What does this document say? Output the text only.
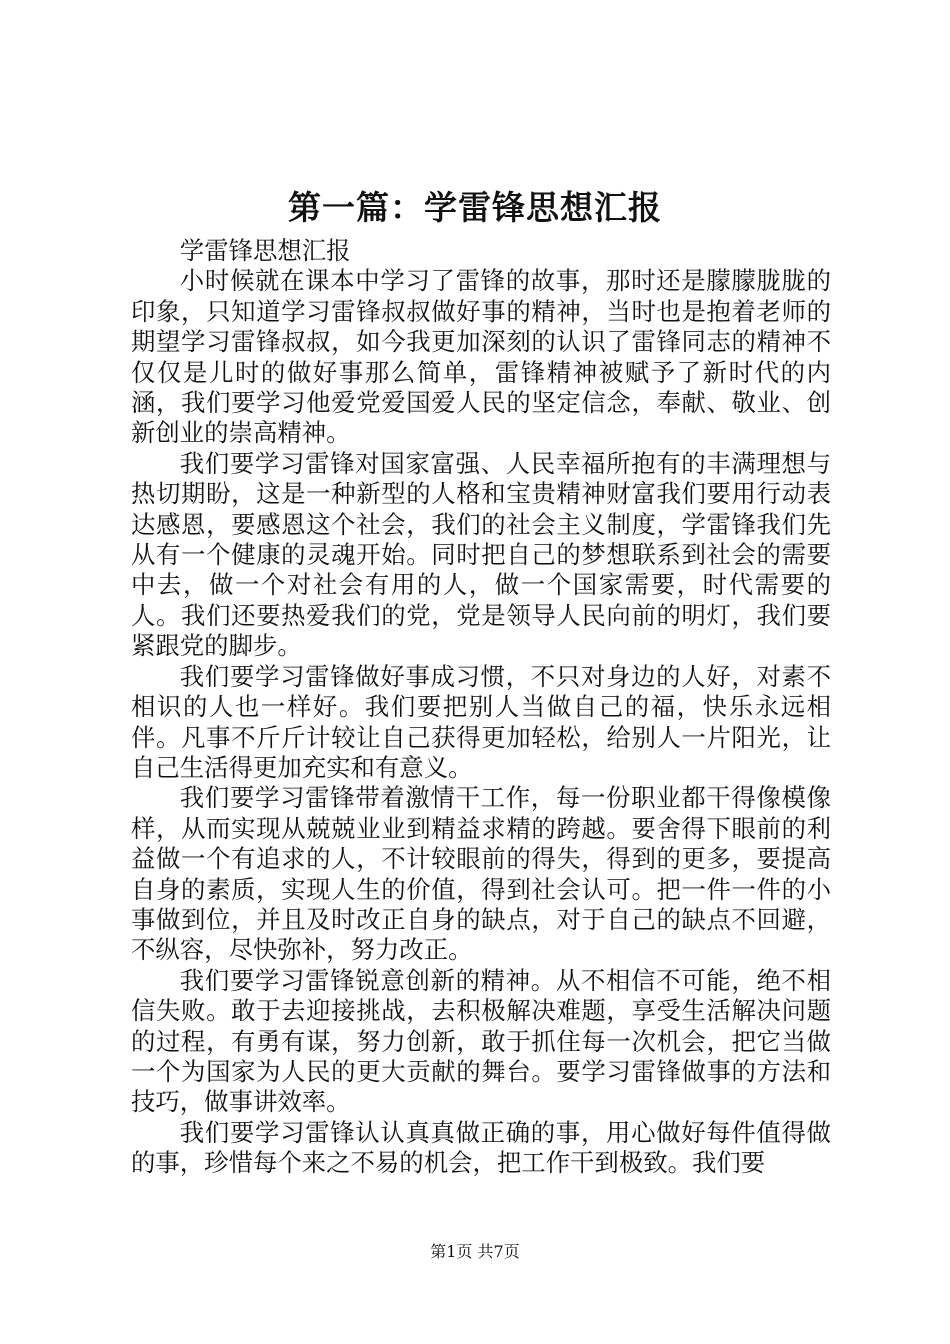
第一篇：学雷锋思想汇报

学雷锋思想汇报

小时候就在课本中学习了雷锋的故事，那时还是朦朦胧胧的印象，只知道学习雷锋叔叔做好事的精神，当时也是抱着老师的期望学习雷锋叔叔，如今我更加深刻的认识了雷锋同志的精神不仅仅是儿时的做好事那么简单，雷锋精神被赋予了新时代的内涵，我们要学习他爱党爱国爱人民的坚定信念，奉献、敬业、创新创业的崇高精神。

我们要学习雷锋对国家富强、人民幸福所抱有的丰满理想与热切期盼，这是一种新型的人格和宝贵精神财富我们要用行动表达感恩，要感恩这个社会，我们的社会主义制度，学雷锋我们先从有一个健康的灵魂开始。同时把自己的梦想联系到社会的需要中去，做一个对社会有用的人，做一个国家需要，时代需要的人。我们还要热爱我们的党，党是领导人民向前的明灯，我们要紧跟党的脚步。

我们要学习雷锋做好事成习惯，不只对身边的人好，对素不相识的人也一样好。我们要把别人当做自己的福，快乐永远相伴。凡事不斤斤计较让自己获得更加轻松，给别人一片阳光，让自己生活得更加充实和有意义。

我们要学习雷锋带着激情干工作，每一份职业都干得像模像样，从而实现从兢兢业业到精益求精的跨越。要舍得下眼前的利益做一个有追求的人，不计较眼前的得失，得到的更多，要提高自身的素质，实现人生的价值，得到社会认可。把一件一件的小事做到位，并且及时改正自身的缺点，对于自己的缺点不回避，不纵容，尽快弥补，努力改正。

我们要学习雷锋锐意创新的精神。从不相信不可能，绝不相信失败。敢于去迎接挑战，去积极解决难题，享受生活解决问题的过程，有勇有谋，努力创新，敢于抓住每一次机会，把它当做一个为国家为人民的更大贡献的舞台。要学习雷锋做事的方法和技巧，做事讲效率。

我们要学习雷锋认认真真做正确的事，用心做好每件值得做的事，珍惜每个来之不易的机会，把工作干到极致。我们要

第1页 共7页
